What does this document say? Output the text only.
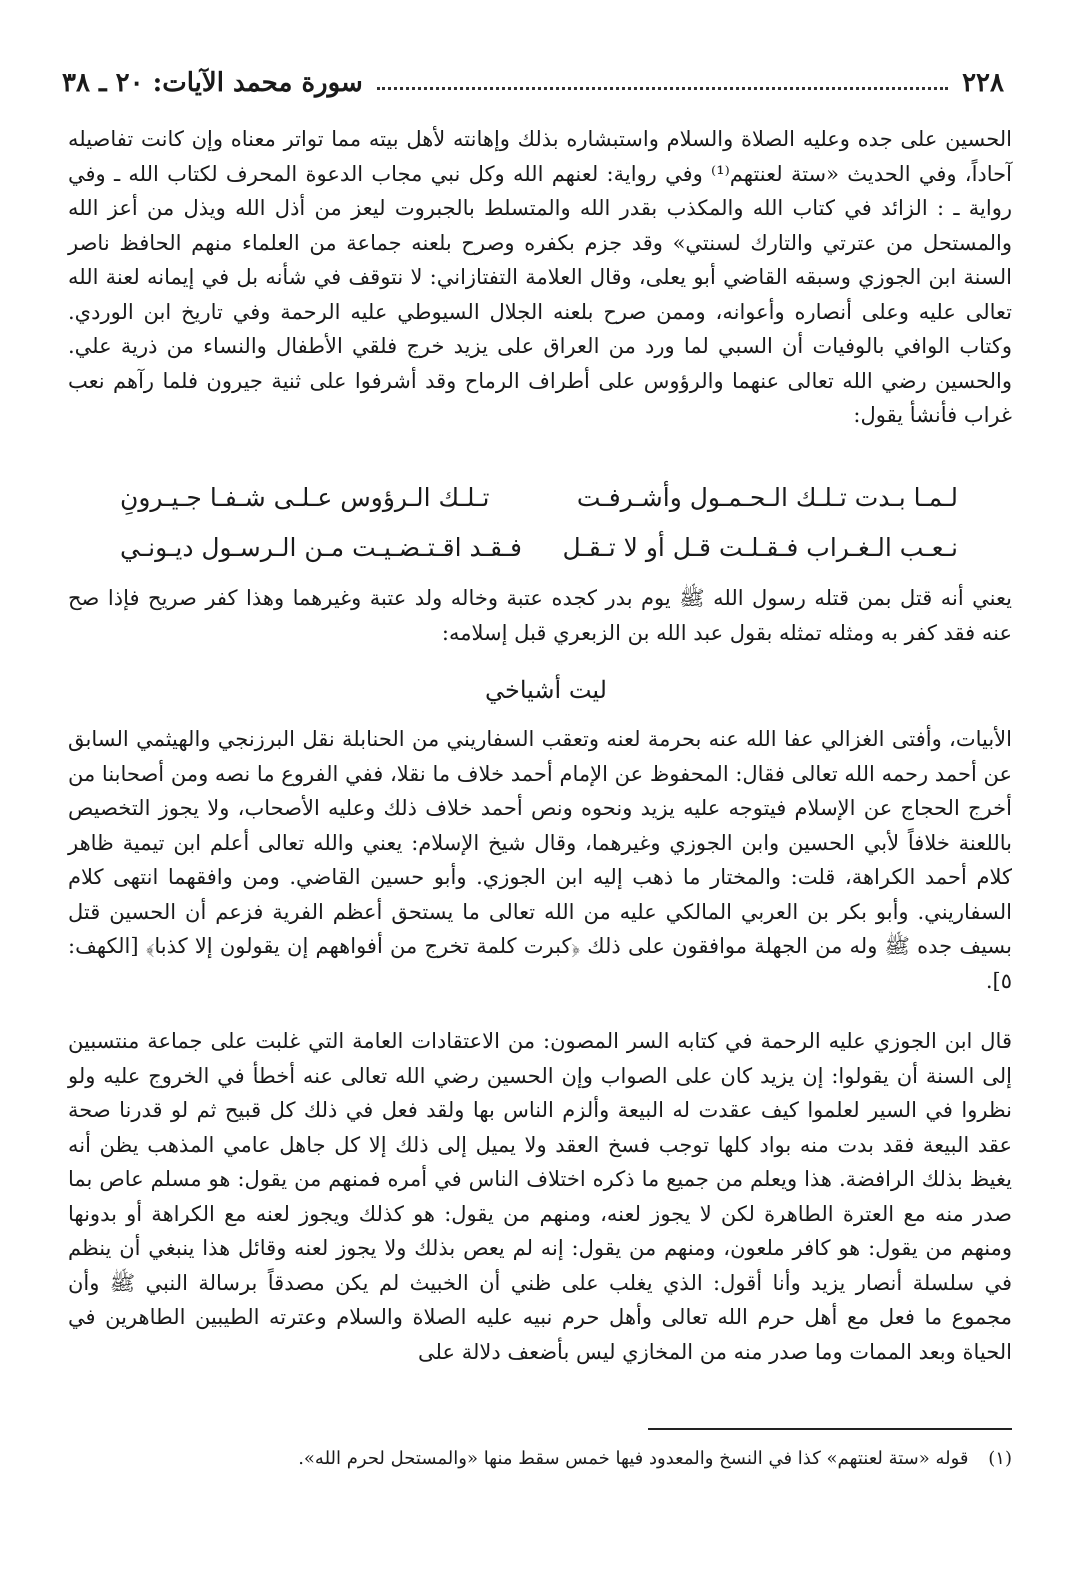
٢٢٨
سورة محمد الآيات: ٢٠ ـ ٣٨

الحسين على جده وعليه الصلاة والسلام واستبشاره بذلك وإهانته لأهل بيته مما تواتر معناه وإن كانت تفاصيله آحاداً، وفي الحديث «ستة لعنتهم⁽¹⁾ وفي رواية: لعنهم الله وكل نبي مجاب الدعوة المحرف لكتاب الله ـ وفي رواية ـ : الزائد في كتاب الله والمكذب بقدر الله والمتسلط بالجبروت ليعز من أذل الله ويذل من أعز الله والمستحل من عترتي والتارك لسنتي» وقد جزم بكفره وصرح بلعنه جماعة من العلماء منهم الحافظ ناصر السنة ابن الجوزي وسبقه القاضي أبو يعلى، وقال العلامة التفتازاني: لا نتوقف في شأنه بل في إيمانه لعنة الله تعالى عليه وعلى أنصاره وأعوانه، وممن صرح بلعنه الجلال السيوطي عليه الرحمة وفي تاريخ ابن الوردي. وكتاب الوافي بالوفيات أن السبي لما ورد من العراق على يزيد خرج فلقي الأطفال والنساء من ذرية علي. والحسين رضي الله تعالى عنهما والرؤوس على أطراف الرماح وقد أشرفوا على ثنية جيرون فلما رآهم نعب غراب فأنشأ يقول:

لـمـا بـدت تـلـك الـحـمـول وأشـرفـت
تـلـك الـرؤوس عـلـى شـفـا جـيـرونِ
نـعـب الـغـراب فـقـلـت قـل أو لا تـقـل
فـقـد اقـتـضـيـت مـن الـرسـول ديـونـي

يعني أنه قتل بمن قتله رسول الله ﷺ يوم بدر كجده عتبة وخاله ولد عتبة وغيرهما وهذا كفر صريح فإذا صح عنه فقد كفر به ومثله تمثله بقول عبد الله بن الزبعري قبل إسلامه:

ليت أشياخي

الأبيات، وأفتى الغزالي عفا الله عنه بحرمة لعنه وتعقب السفاريني من الحنابلة نقل البرزنجي والهيثمي السابق عن أحمد رحمه الله تعالى فقال: المحفوظ عن الإمام أحمد خلاف ما نقلا، ففي الفروع ما نصه ومن أصحابنا من أخرج الحجاج عن الإسلام فيتوجه عليه يزيد ونحوه ونص أحمد خلاف ذلك وعليه الأصحاب، ولا يجوز التخصيص باللعنة خلافاً لأبي الحسين وابن الجوزي وغيرهما، وقال شيخ الإسلام: يعني والله تعالى أعلم ابن تيمية ظاهر كلام أحمد الكراهة، قلت: والمختار ما ذهب إليه ابن الجوزي. وأبو حسين القاضي. ومن وافقهما انتهى كلام السفاريني. وأبو بكر بن العربي المالكي عليه من الله تعالى ما يستحق أعظم الفرية فزعم أن الحسين قتل بسيف جده ﷺ وله من الجهلة موافقون على ذلك ﴿كبرت كلمة تخرج من أفواههم إن يقولون إلا كذبا﴾ [الكهف: ٥].

قال ابن الجوزي عليه الرحمة في كتابه السر المصون: من الاعتقادات العامة التي غلبت على جماعة منتسبين إلى السنة أن يقولوا: إن يزيد كان على الصواب وإن الحسين رضي الله تعالى عنه أخطأ في الخروج عليه ولو نظروا في السير لعلموا كيف عقدت له البيعة وألزم الناس بها ولقد فعل في ذلك كل قبيح ثم لو قدرنا صحة عقد البيعة فقد بدت منه بواد كلها توجب فسخ العقد ولا يميل إلى ذلك إلا كل جاهل عامي المذهب يظن أنه يغيظ بذلك الرافضة. هذا ويعلم من جميع ما ذكره اختلاف الناس في أمره فمنهم من يقول: هو مسلم عاص بما صدر منه مع العترة الطاهرة لكن لا يجوز لعنه، ومنهم من يقول: هو كذلك ويجوز لعنه مع الكراهة أو بدونها ومنهم من يقول: هو كافر ملعون، ومنهم من يقول: إنه لم يعص بذلك ولا يجوز لعنه وقائل هذا ينبغي أن ينظم في سلسلة أنصار يزيد وأنا أقول: الذي يغلب على ظني أن الخبيث لم يكن مصدقاً برسالة النبي ﷺ وأن مجموع ما فعل مع أهل حرم الله تعالى وأهل حرم نبيه عليه الصلاة والسلام وعترته الطيبين الطاهرين في الحياة وبعد الممات وما صدر منه من المخازي ليس بأضعف دلالة على

(١) قوله «ستة لعنتهم» كذا في النسخ والمعدود فيها خمس سقط منها «والمستحل لحرم الله».
